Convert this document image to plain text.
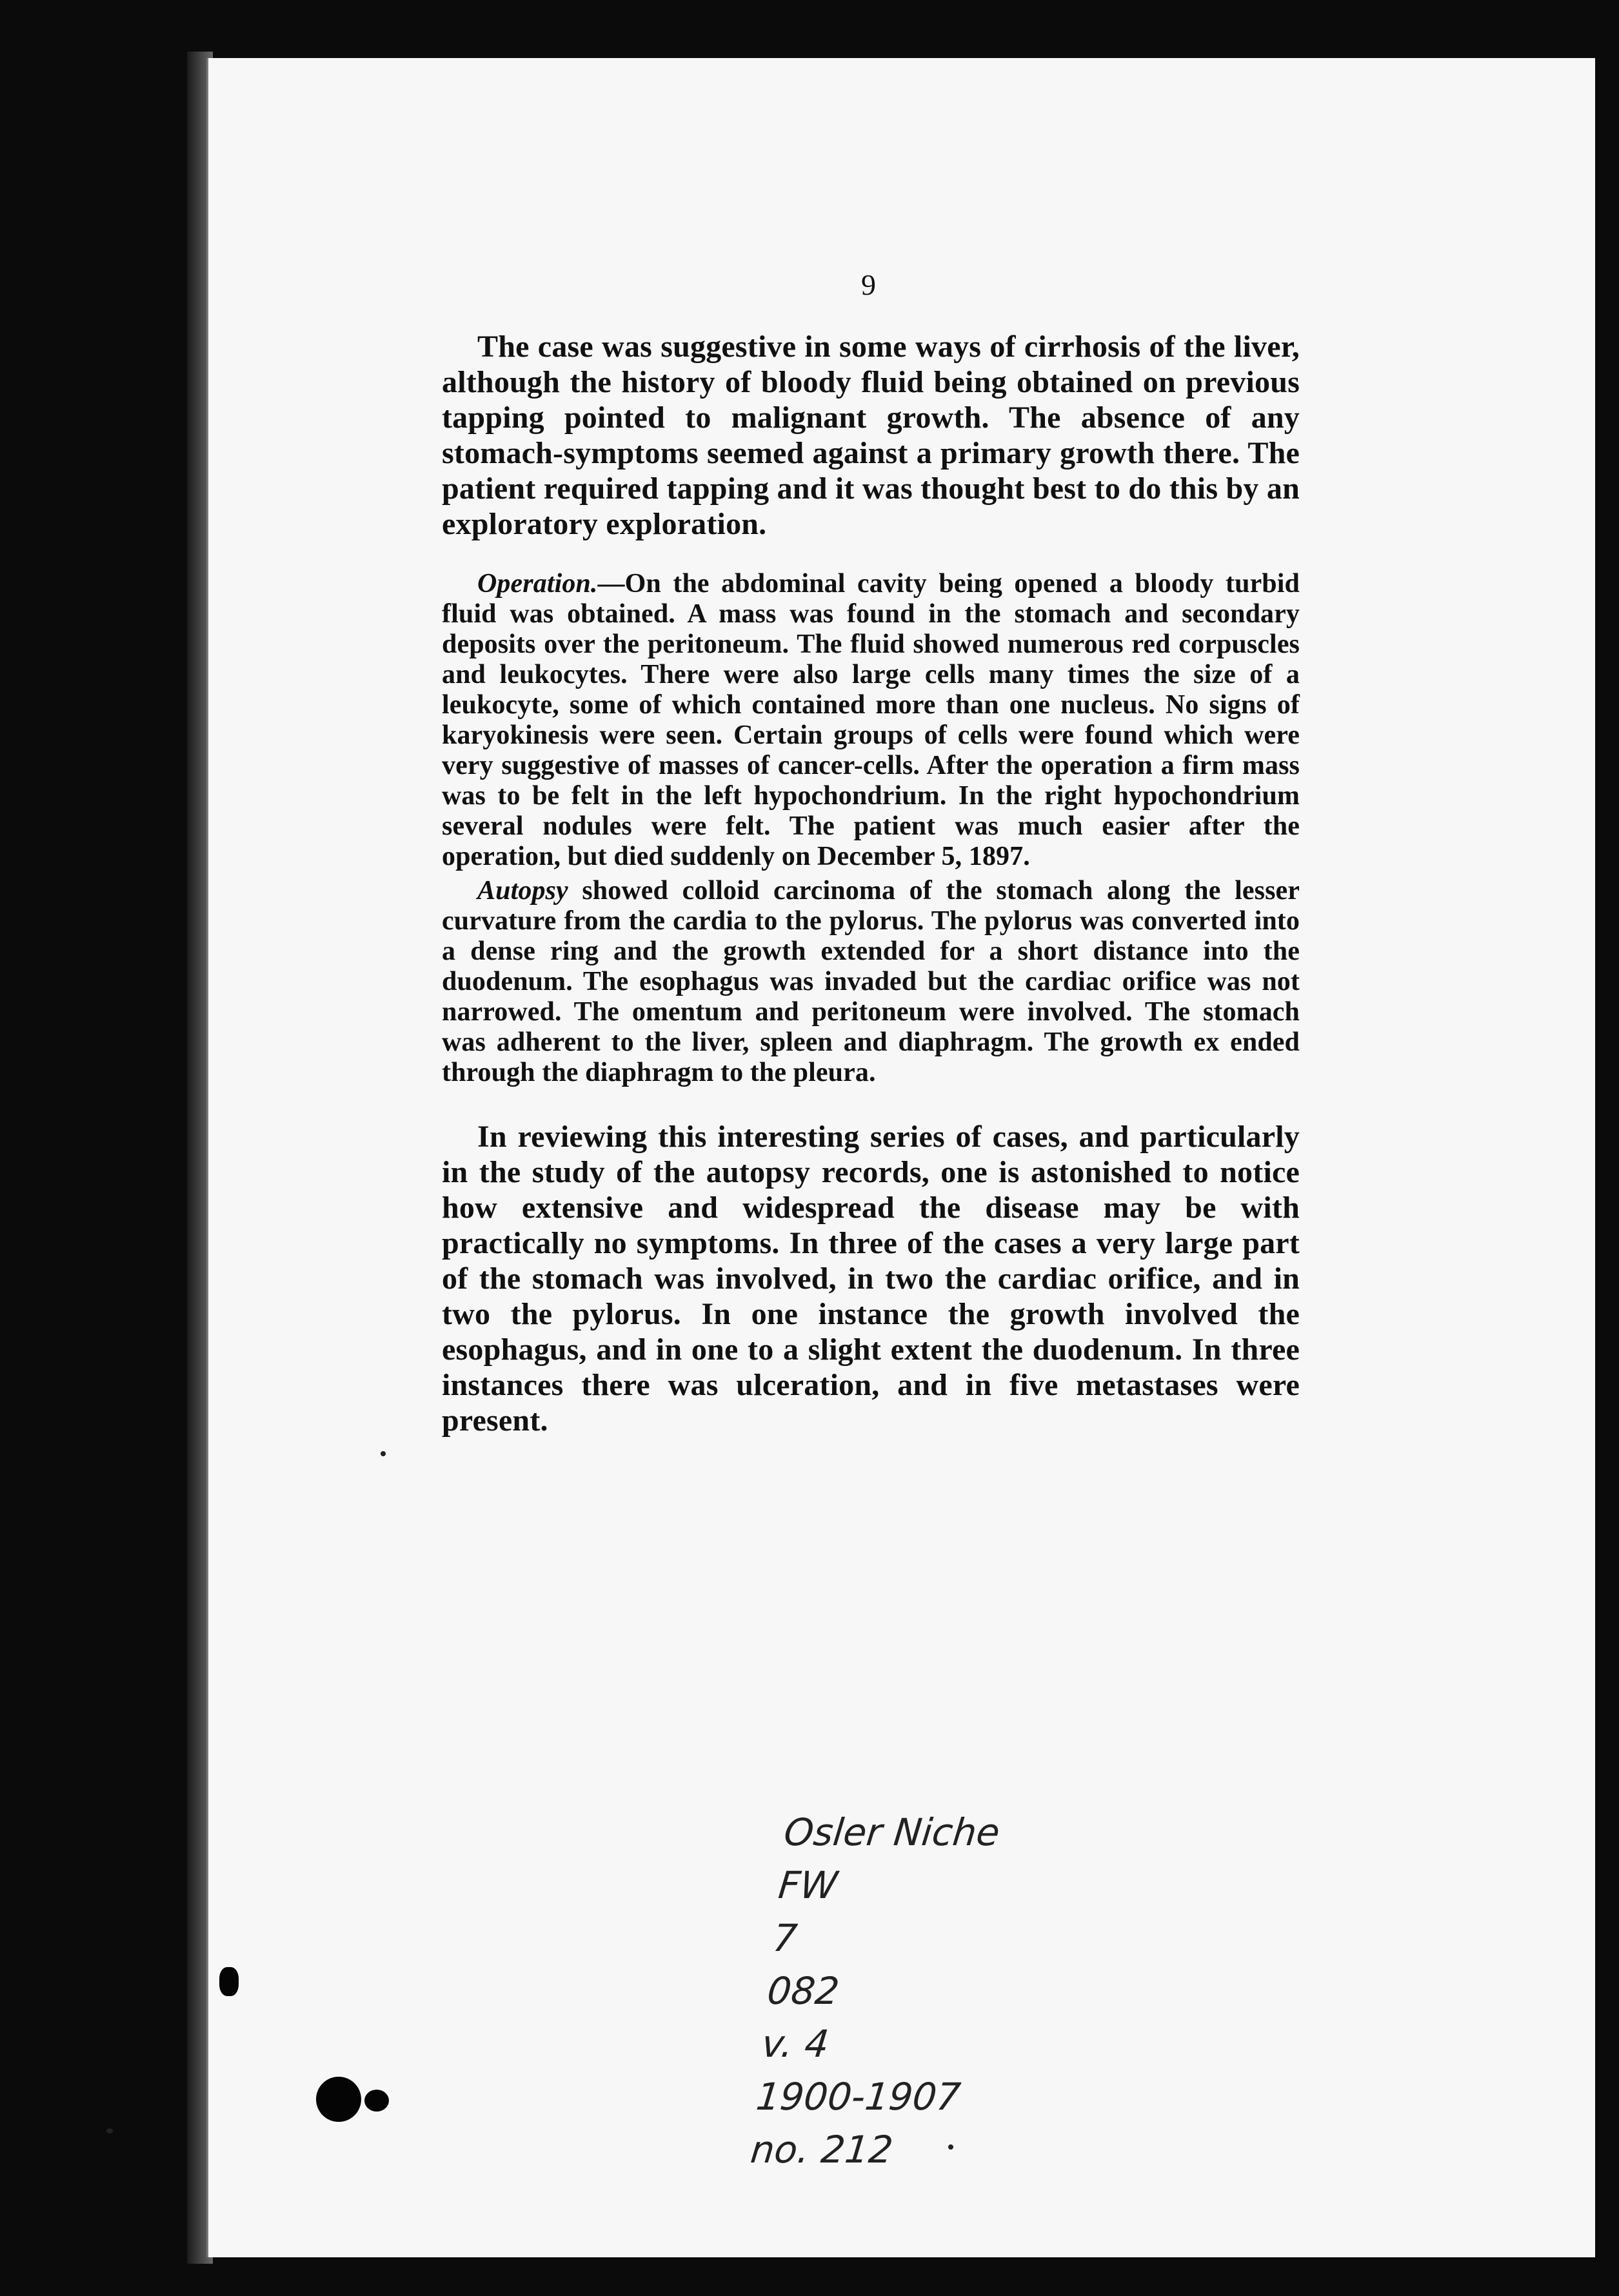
9

The case was suggestive in some ways of cirrhosis of the liver, although the history of bloody fluid being obtained on previous tapping pointed to malignant growth. The absence of any stomach-symptoms seemed against a primary growth there. The patient required tapping and it was thought best to do this by an exploratory exploration.

Operation.—On the abdominal cavity being opened a bloody turbid fluid was obtained. A mass was found in the stomach and secondary deposits over the peritoneum. The fluid showed numerous red corpuscles and leukocytes. There were also large cells many times the size of a leukocyte, some of which contained more than one nucleus. No signs of karyokinesis were seen. Certain groups of cells were found which were very suggestive of masses of cancer-cells. After the operation a firm mass was to be felt in the left hypochondrium. In the right hypochondrium several nodules were felt. The patient was much easier after the operation, but died suddenly on December 5, 1897.

Autopsy showed colloid carcinoma of the stomach along the lesser curvature from the cardia to the pylorus. The pylorus was converted into a dense ring and the growth extended for a short distance into the duodenum. The esophagus was invaded but the cardiac orifice was not narrowed. The omentum and peritoneum were involved. The stomach was adherent to the liver, spleen and diaphragm. The growth ex ended through the diaphragm to the pleura.

In reviewing this interesting series of cases, and particularly in the study of the autopsy records, one is astonished to notice how extensive and widespread the disease may be with practically no symptoms. In three of the cases a very large part of the stomach was involved, in two the cardiac orifice, and in two the pylorus. In one instance the growth involved the esophagus, and in one to a slight extent the duodenum. In three instances there was ulceration, and in five metastases were present.

Osler Niche
FW
7
082
v. 4
1900-1907
no. 212
